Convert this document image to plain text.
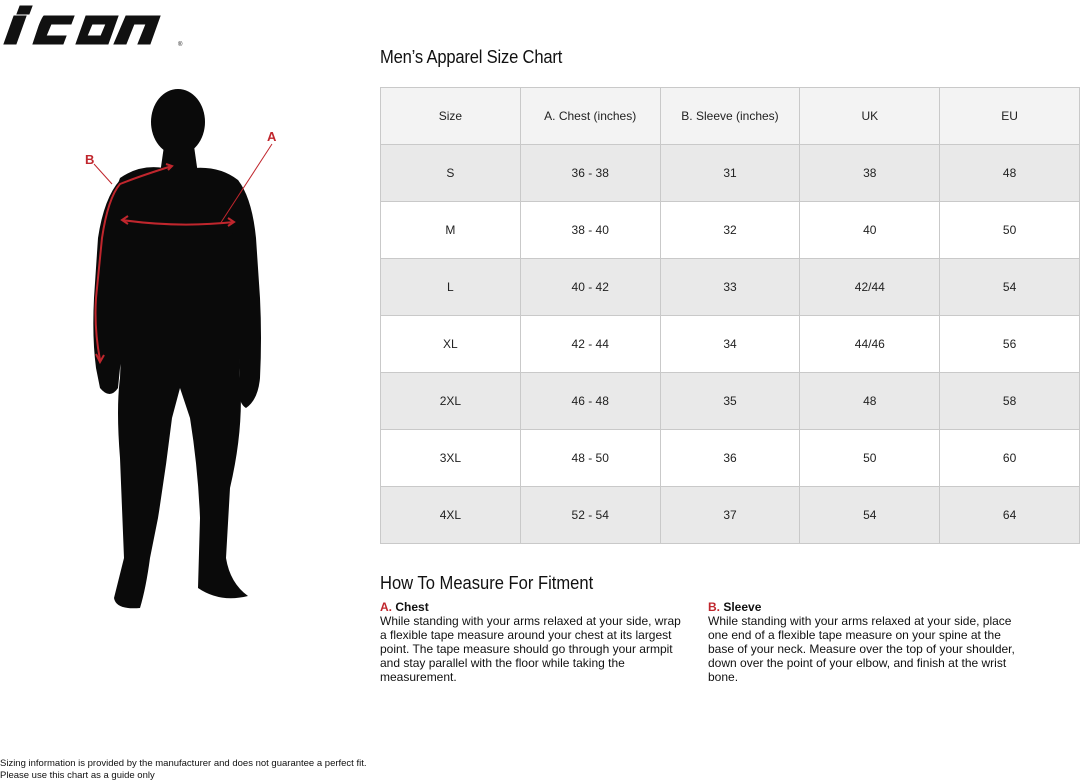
®
A
B
Men’s Apparel Size Chart
Size	A. Chest (inches)	B. Sleeve (inches)	UK	EU
S	36 - 38	31	38	48
M	38 - 40	32	40	50
L	40 - 42	33	42/44	54
XL	42 - 44	34	44/46	56
2XL	46 - 48	35	48	58
3XL	48 - 50	36	50	60
4XL	52 - 54	37	54	64
How To Measure For Fitment
A. Chest
While standing with your arms relaxed at your side, wrap a flexible tape measure around your chest at its largest point. The tape measure should go through your armpit and stay parallel with the floor while taking the measurement.
B. Sleeve
While standing with your arms relaxed at your side, place one end of a flexible tape measure on your spine at the base of your neck. Measure over the top of your shoulder, down over the point of your elbow, and finish at the wrist bone.
Sizing information is provided by the manufacturer and does not guarantee a perfect fit.
Please use this chart as a guide only
